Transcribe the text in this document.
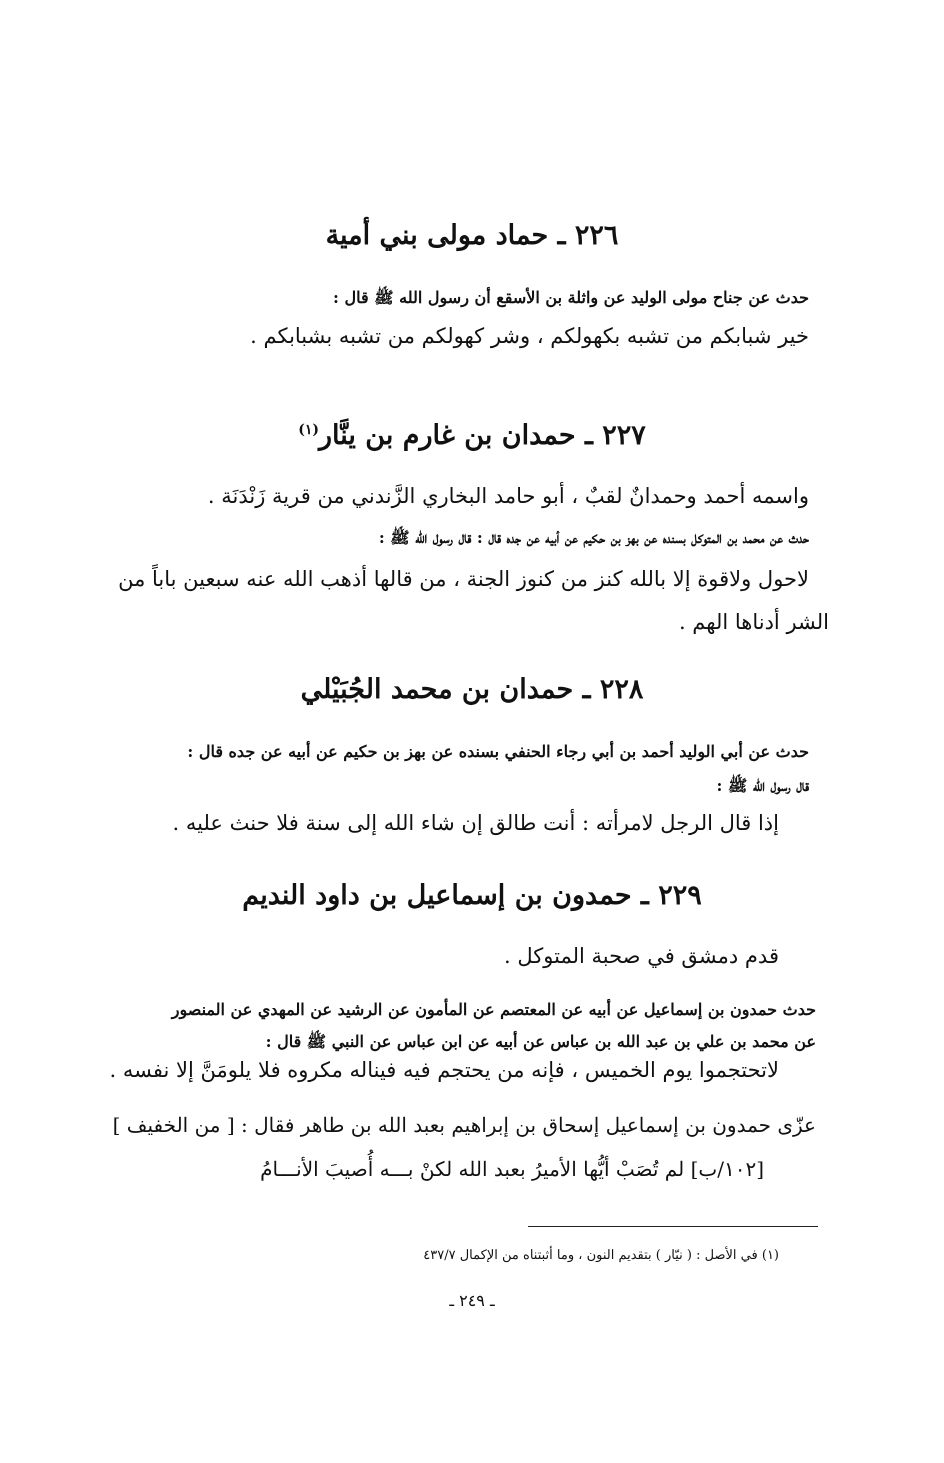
٢٢٦ ـ حماد مولى بني أمية
حدث عن جناح مولى الوليد عن واثلة بن الأسقع أن رسول الله ﷺ قال :
خير شبابكم من تشبه بكهولكم ، وشر كهولكم من تشبه بشبابكم .
٢٢٧ ـ حمدان بن غارم بن ينَّار$^{(١)}$
واسمه أحمد وحمدانٌ لقبٌ ، أبو حامد البخاري الزَّندني من قرية زَنْدَنَة .
حدث عن محمد بن المتوكل بسنده عن بهز بن حكيم عن أبيه عن جده قال : قال رسول الله ﷺ :
لاحول ولاقوة إلا بالله كنز من كنوز الجنة ، من قالها أذهب الله عنه سبعين باباً من
الشر أدناها الهم .
٢٢٨ ـ حمدان بن محمد الجُبَيْلي
حدث عن أبي الوليد أحمد بن أبي رجاء الحنفي بسنده عن بهز بن حكيم عن أبيه عن جده قال :
قال رسول الله ﷺ :
إذا قال الرجل لامرأته : أنت طالق إن شاء الله إلى سنة فلا حنث عليه .
٢٢٩ ـ حمدون بن إسماعيل بن داود النديم
قدم دمشق في صحبة المتوكل .
حدث حمدون بن إسماعيل عن أبيه عن المعتصم عن المأمون عن الرشيد عن المهدي عن المنصور
عن محمد بن علي بن عبد الله بن عباس عن أبيه عن ابن عباس عن النبي ﷺ قال :
لاتحتجموا يوم الخميس ، فإنه من يحتجم فيه فيناله مكروه فلا يلومَنَّ إلا نفسه .
عزّى حمدون بن إسماعيل إسحاق بن إبراهيم بعبد الله بن طاهر فقال : [ من الخفيف ]
[١٠٢/ب] لم تُصَبْ أيُّها الأميرُ بعبد الله لكنْ بـــه أُصيبَ الأنـــامُ
(١) في الأصل : ( نيّار ) بتقديم النون ، وما أثبتناه من الإكمال ٤٣٧/٧
ـ ٢٤٩ ـ
